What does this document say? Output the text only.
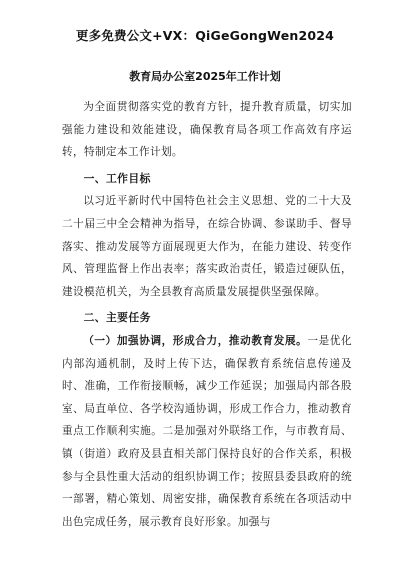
更多免费公文+VX：QiGeGongWen2024
教育局办公室2025年工作计划

为全面贯彻落实党的教育方针，提升教育质量，切实加强能力建设和效能建设，确保教育局各项工作高效有序运转，特制定本工作计划。

一、工作目标

以习近平新时代中国特色社会主义思想、党的二十大及二十届三中全会精神为指导，在综合协调、参谋助手、督导落实、推动发展等方面展现更大作为，在能力建设、转变作风、管理监督上作出表率；落实政治责任，锻造过硬队伍，建设模范机关，为全县教育高质量发展提供坚强保障。

二、主要任务

（一）加强协调，形成合力，推动教育发展。一是优化内部沟通机制，及时上传下达，确保教育系统信息传递及时、准确，工作衔接顺畅，减少工作延误；加强局内部各股室、局直单位、各学校沟通协调，形成工作合力，推动教育重点工作顺利实施。二是加强对外联络工作，与市教育局、镇（街道）政府及县直相关部门保持良好的合作关系，积极参与全县性重大活动的组织协调工作；按照县委县政府的统一部署，精心策划、周密安排，确保教育系统在各项活动中出色完成任务，展示教育良好形象。加强与
